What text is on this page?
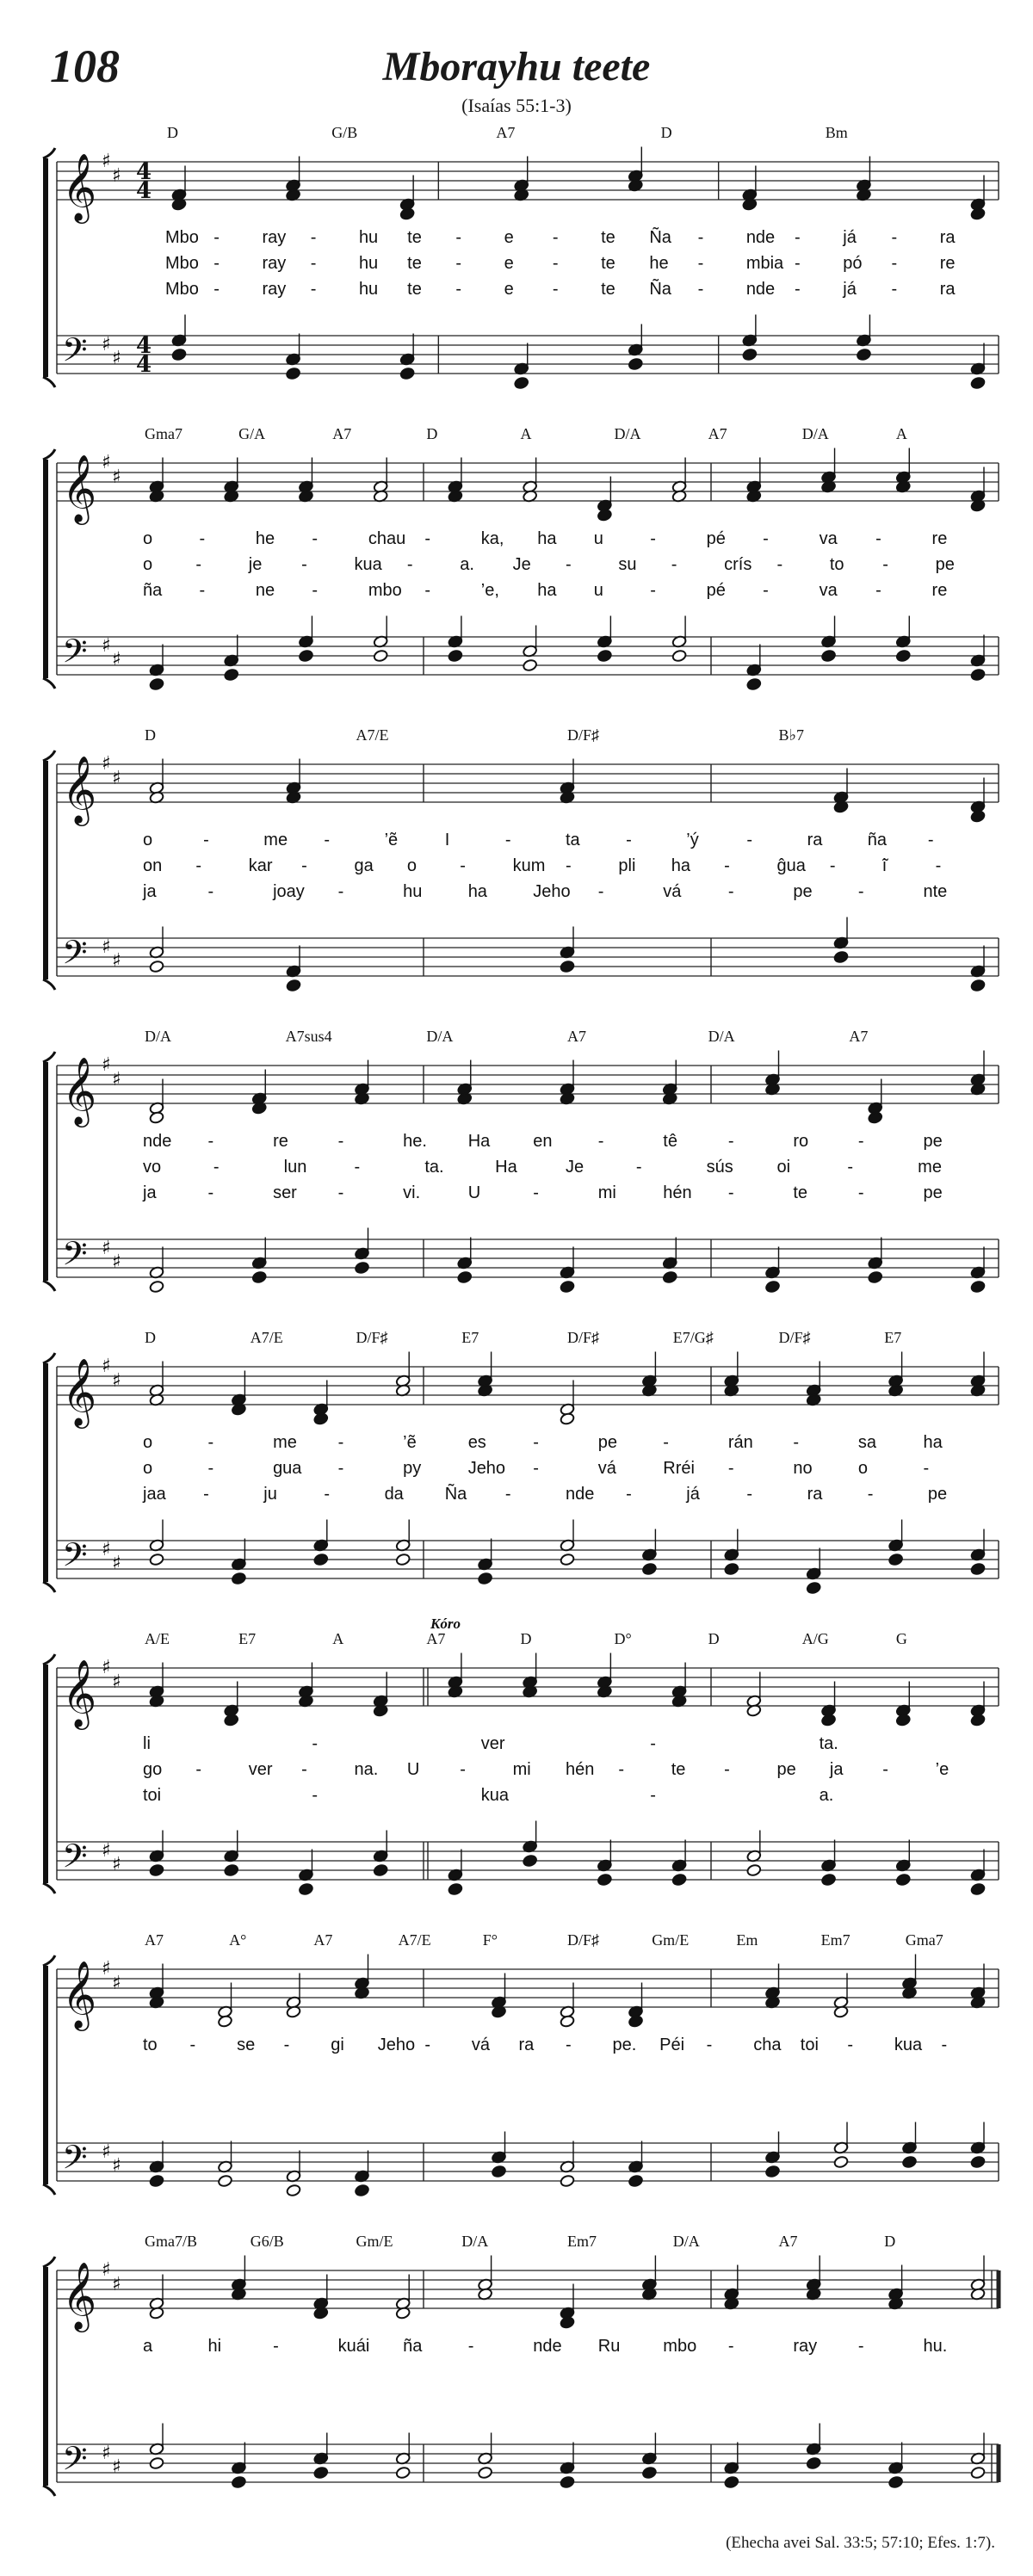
108	Mborayhu teete
(Isaías 55:1-3)
𝄞
𝄢
♯
♯
♯
♯
4
4
4
4
D	G/B	A7	D	Bm
Mbo - ray - hu te - e - te Ña - nde - já - ra
Mbo - ray - hu te - e - te he - mbia - pó - re
Mbo - ray - hu te - e - te Ña - nde - já - ra
𝄞
𝄢
♯
♯
♯
♯
Gma7	G/A	A7	D	A	D/A	A7	D/A	A
o	-	he -	chau -	ka, ha u	-	pé -	va -	re
o	-	je -	kua -	a. Je -	su -	crís -	to -	pe
ña -	ne -	mbo -	’e, ha u	-	pé -	va -	re
𝄞
𝄢
♯
♯
♯
♯
D	A7/E	D/F♯	B♭7
o	-	me -	’ẽ	I	-	ta	-	’ý	-	ra	ña -
on -	kar -	ga o	-	kum -	pli ha -	ĝua -	̃i	-
ja	-	joay -	hu	ha	Jeho -	vá	-	pe	-	nte
𝄞
𝄢
♯
♯
♯
♯
D/A	A7sus4	D/A	A7	D/A	A7
nde -	re	-	he. Ha en	-	tê	-	ro	-	pe
vo	-	lun	-	ta.	Ha	Je	-	sús	oi	-	me
ja	-	ser -	vi.	U	-	mi	hén -	te	-	pe
𝄞
𝄢
♯
♯
♯
♯
D	A7/E	D/F♯	E7	D/F♯	E7/G♯	D/F♯	E7
o	-	me -	’ẽ	es	-	pe	-	rán -	sa	ha
o	-	gua -	py	Jeho -	vá	Rréi -	no	o	-
jaa -	ju	-	da Ña -	nde -	já	-	ra	-	pe
𝄞
𝄢
♯
♯
♯
♯
A/E	E7	A	A7	D	D°	D	A/G	G
Kóro
li	-	ver	-	ta.
go -	ver -	na. U -	mi hén -	te -	pe ja -	’e
toi	-	kua	-	a.
𝄞
𝄢
♯
♯
♯
♯
A7	A°	A7	A7/E	F°	D/F♯	Gm/E	Em	Em7	Gma7
to - se - gi Jeho - vá ra - pe. Péi - cha toi - kua -
𝄞
𝄢
♯
♯
♯
♯
Gma7/B	G6/B	Gm/E	D/A	Em7	D/A	A7	D
a	hi	-	kuái ña	-	nde Ru mbo -	ray -	hu.
(Ehecha avei Sal. 33:5; 57:10; Efes. 1:7).
